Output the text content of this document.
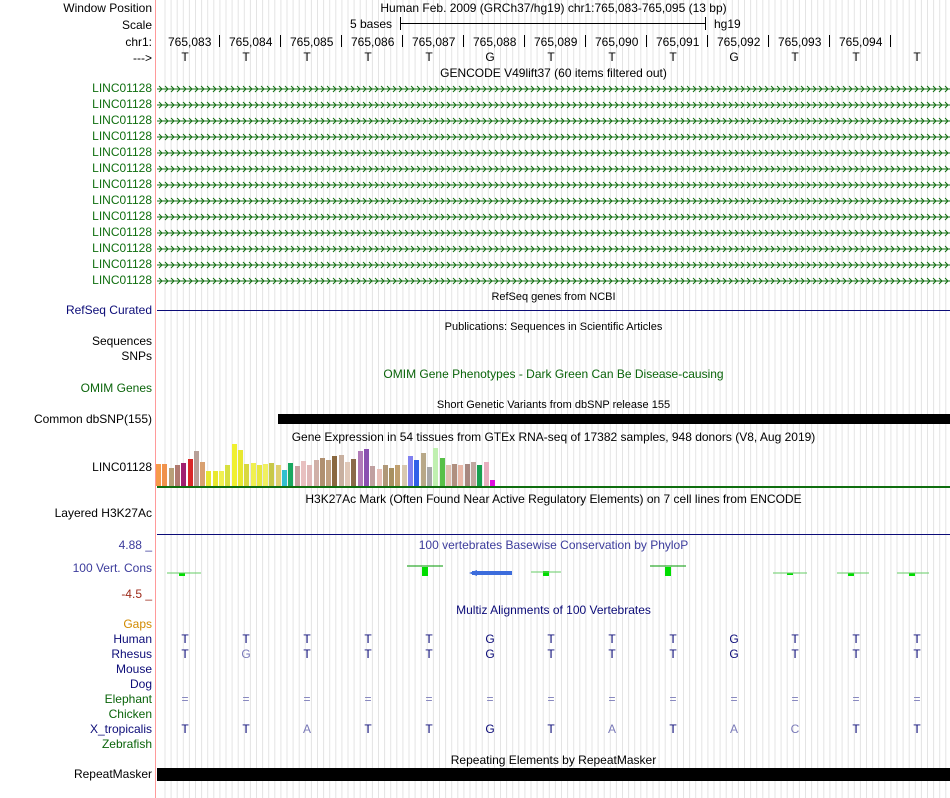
Window Position	Human Feb. 2009 (GRCh37/hg19) chr1:765,083-765,095 (13 bp)
Scale	5 bases	hg19
chr1: 765,083 765,084 765,085 765,086 765,087 765,088 765,089 765,090 765,091 765,092 765,093 765,094
--->	T	T	T	T	T	G	T	T	T	G	T	T	T
GENCODE V49lift37 (60 items filtered out)
LINC01128
LINC01128
LINC01128
LINC01128
LINC01128
LINC01128
LINC01128
LINC01128
LINC01128
LINC01128
LINC01128
LINC01128
LINC01128
RefSeq genes from NCBI
RefSeq Curated
Publications: Sequences in Scientific Articles
Sequences
SNPs
OMIM Gene Phenotypes - Dark Green Can Be Disease-causing
OMIM Genes
Short Genetic Variants from dbSNP release 155
Common dbSNP(155)
Gene Expression in 54 tissues from GTEx RNA-seq of 17382 samples, 948 donors (V8, Aug 2019)
LINC01128
H3K27Ac Mark (Often Found Near Active Regulatory Elements) on 7 cell lines from ENCODE
Layered H3K27Ac
100 vertebrates Basewise Conservation by PhyloP
4.88 _
100 Vert. Cons
-4.5 _
Multiz Alignments of 100 Vertebrates
Gaps
Human	T	T	T	T	T	G	T	T	T	G	T	T	T
Rhesus	T	G	T	T	T	G	T	T	T	G	T	T	T
Mouse
Dog
Elephant	=	=	=	=	=	=	=	=	=	=	=	=	=
Chicken
X_tropicalis	T	T	A	T	T	G	T	A	T	A	C	T	T
Zebrafish
Repeating Elements by RepeatMasker
RepeatMasker
